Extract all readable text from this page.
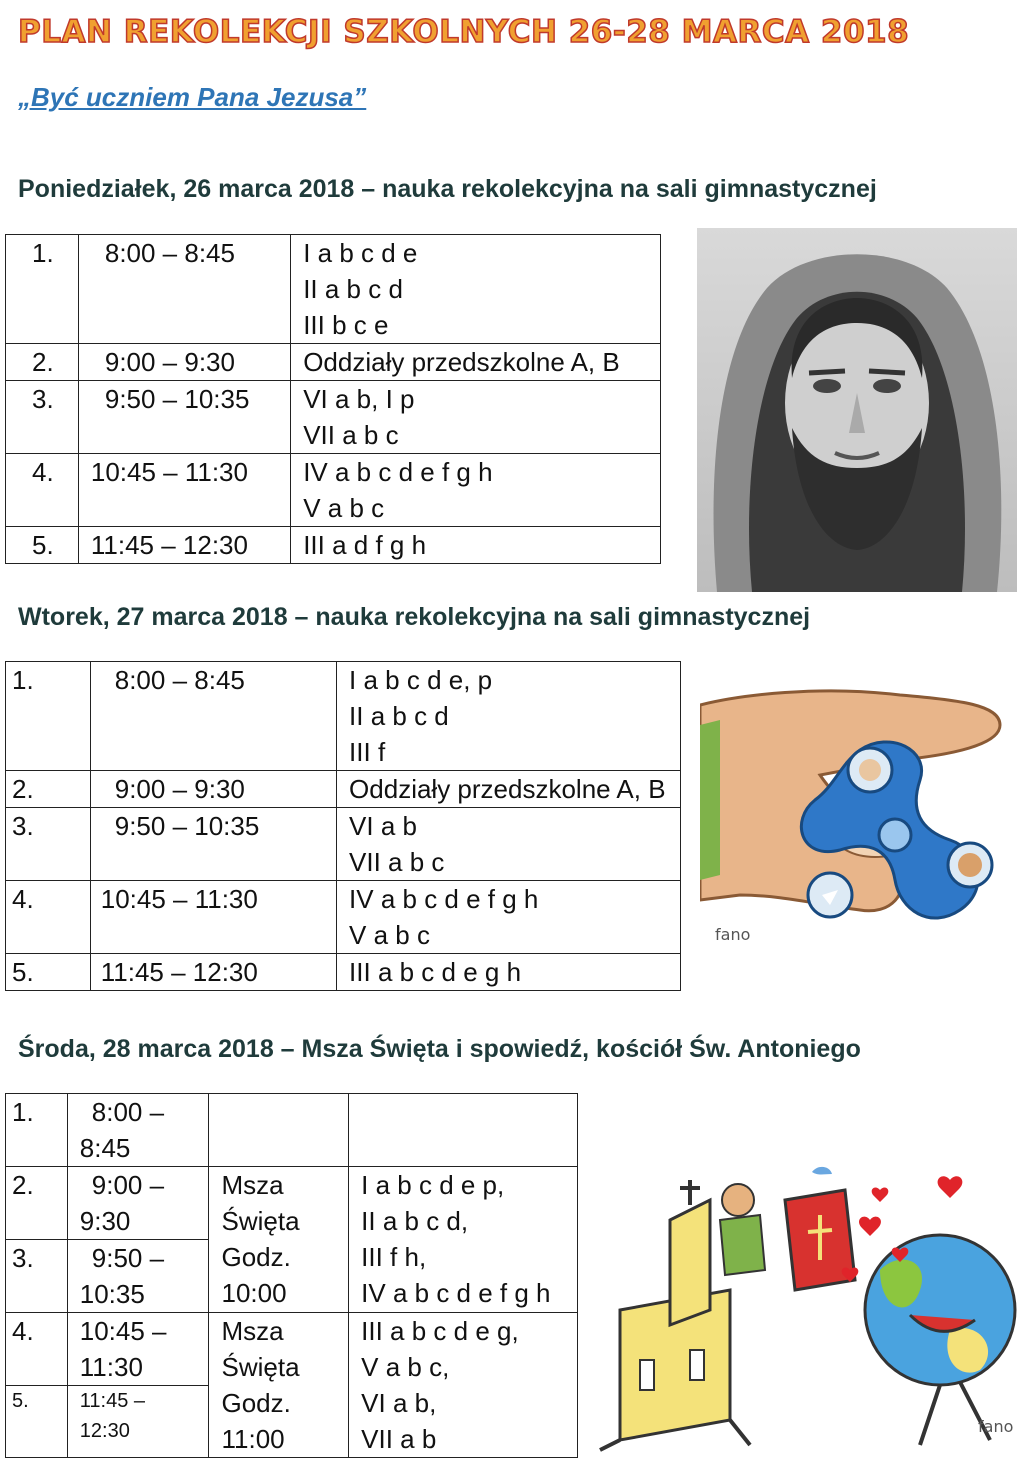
PLAN REKOLEKCJI SZKOLNYCH 26-28 MARCA 2018
„Być uczniem Pana Jezusa”
Poniedziałek, 26 marca 2018 – nauka rekolekcyjna na sali gimnastycznej
1.	8:00 – 8:45	I a b c d e
II a b c d
III b c e

2.	9:00 – 9:30	Oddziały przedszkolne A, B

3.	9:50 – 10:35	VI a b, I p
VII a b c

4.	10:45 – 11:30	IV a b c d e f g h
V a b c

5.	11:45 – 12:30	III a d f g h
Wtorek, 27 marca 2018 – nauka rekolekcyjna na sali gimnastycznej
1.	8:00 – 8:45	I a b c d e, p
II a b c d
III f

2.	9:00 – 9:30	Oddziały przedszkolne A, B

3.	9:50 – 10:35	VI a b
VII a b c

4.	10:45 – 11:30	IV a b c d e f g h
V a b c

5.	11:45 – 12:30	III a b c d e g h
fano
Środa, 28 marca 2018 – Msza Święta i spowiedź, kościół Św. Antoniego
1.	8:00 –
8:45		

2.	9:00 –
9:30	Msza
Święta
Godz.
10:00	I a b c d e p,
II a b c d,
III f h,
IV a b c d e f g h

3.	9:50 –
10:35		

4.	10:45 –
11:30	Msza
Święta
Godz.
11:00	III a b c d e g,
V a b c,
VI a b,
VII a b

5.	11:45 –
12:30			fano
